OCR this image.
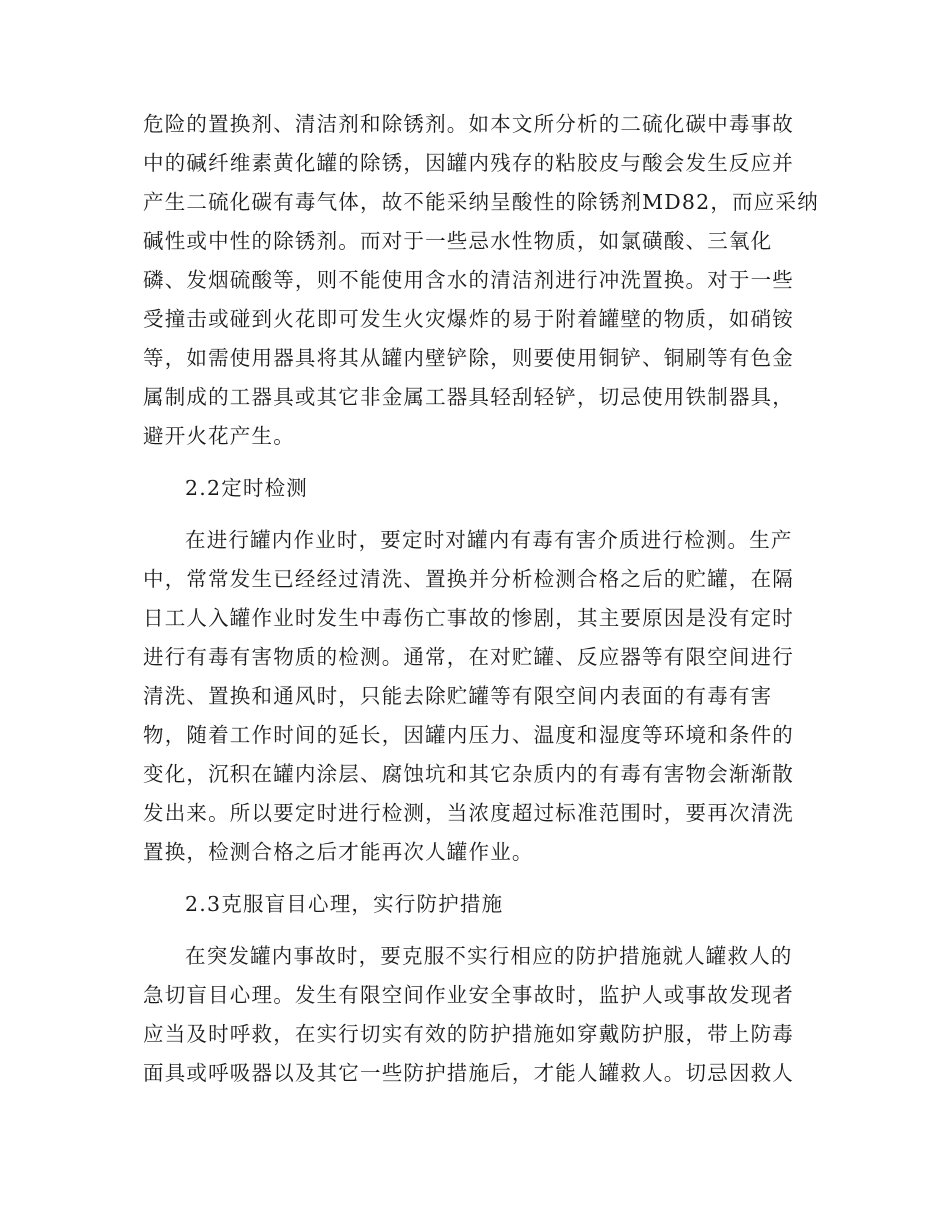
危险的置换剂、清洁剂和除锈剂。如本文所分析的二硫化碳中毒事故
中的碱纤维素黄化罐的除锈，因罐内残存的粘胶皮与酸会发生反应并
产生二硫化碳有毒气体，故不能采纳呈酸性的除锈剂MD82，而应采纳
碱性或中性的除锈剂。而对于一些忌水性物质，如氯磺酸、三氧化
磷、发烟硫酸等，则不能使用含水的清洁剂进行冲洗置换。对于一些
受撞击或碰到火花即可发生火灾爆炸的易于附着罐壁的物质，如硝铵
等，如需使用器具将其从罐内壁铲除，则要使用铜铲、铜刷等有色金
属制成的工器具或其它非金属工器具轻刮轻铲，切忌使用铁制器具，
避开火花产生。
2.2定时检测
在进行罐内作业时，要定时对罐内有毒有害介质进行检测。生产
中，常常发生已经经过清洗、置换并分析检测合格之后的贮罐，在隔
日工人入罐作业时发生中毒伤亡事故的惨剧，其主要原因是没有定时
进行有毒有害物质的检测。通常，在对贮罐、反应器等有限空间进行
清洗、置换和通风时，只能去除贮罐等有限空间内表面的有毒有害
物，随着工作时间的延长，因罐内压力、温度和湿度等环境和条件的
变化，沉积在罐内涂层、腐蚀坑和其它杂质内的有毒有害物会渐渐散
发出来。所以要定时进行检测，当浓度超过标准范围时，要再次清洗
置换，检测合格之后才能再次人罐作业。
2.3克服盲目心理，实行防护措施
在突发罐内事故时，要克服不实行相应的防护措施就人罐救人的
急切盲目心理。发生有限空间作业安全事故时，监护人或事故发现者
应当及时呼救，在实行切实有效的防护措施如穿戴防护服，带上防毒
面具或呼吸器以及其它一些防护措施后，才能人罐救人。切忌因救人
